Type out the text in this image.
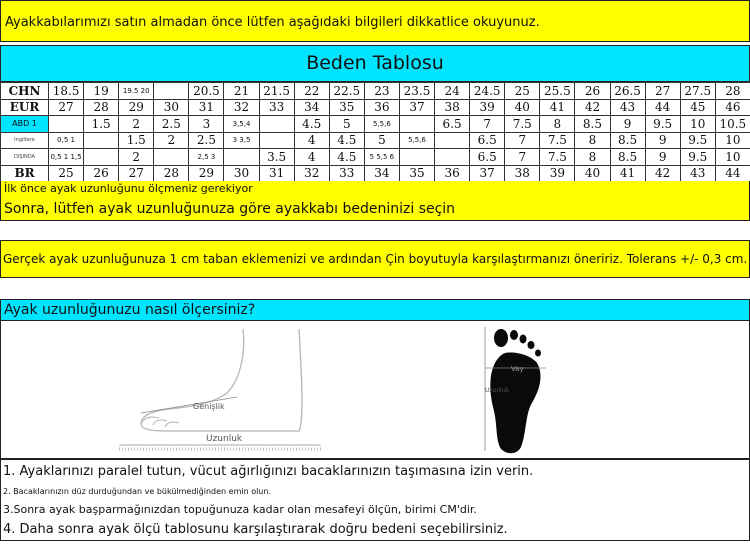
Ayakkabılarımızı satın almadan önce lütfen aşağıdaki bilgileri dikkatlice okuyunuz.
Beden Tablosu
CHN	18.5	19	19.5 20		20.5	21	21.5	22	22.5	23	23.5	24	24.5	25	25.5	26	26.5	27	27.5	28
EUR	27	28	29	30	31	32	33	34	35	36	37	38	39	40	41	42	43	44	45	46
ABD 1		1.5	2	2.5	3	3,5,4		4.5	5	5,5,6		6.5	7	7.5	8	8.5	9	9.5	10	10.5
Ingiltere	0,5 1		1.5	2	2.5	3 3,5		4	4.5	5	5,5,6		6.5	7	7.5	8	8.5	9	9.5	10
DIŞINDA	0,5 1 1,5		2		2,5 3		3.5	4	4.5	5 5,5 6			6.5	7	7.5	8	8.5	9	9.5	10
BR	25	26	27	28	29	30	31	32	33	34	35	36	37	38	39	40	41	42	43	44
İlk önce ayak uzunluğunu ölçmeniz gerekiyor
Sonra, lütfen ayak uzunluğunuza göre ayakkabı bedeninizi seçin
Gerçek ayak uzunluğunuza 1 cm taban eklemenizi ve ardından Çin boyutuyla karşılaştırmanızı öneririz. Tolerans +/- 0,3 cm.
Ayak uzunluğunuzu nasıl ölçersiniz?
Genişlik
Uzunluk
Vay
Uzunluk
1. Ayaklarınızı paralel tutun, vücut ağırlığınızı bacaklarınızın taşımasına izin verin.
2. Bacaklarınızın düz durduğundan ve bükülmediğinden emin olun.
3.Sonra ayak başparmağınızdan topuğunuza kadar olan mesafeyi ölçün, birimi CM'dir.
4. Daha sonra ayak ölçü tablosunu karşılaştırarak doğru bedeni seçebilirsiniz.
